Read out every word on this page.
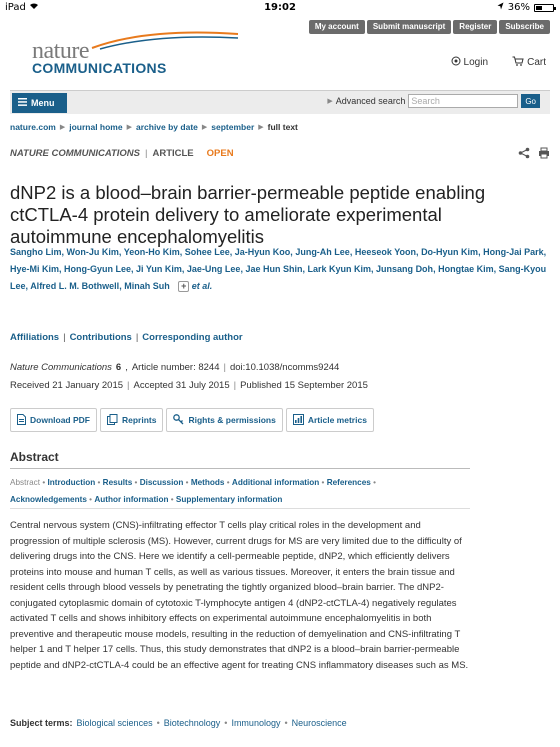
iPad	19:02	36%
My account	Submit manuscript	Register	Subscribe
nature
COMMUNICATIONS	Login	Cart
Menu	▶ Advanced search
Search	Go
nature.com ▶ journal home ▶ archive by date ▶ september ▶ full text
NATURE COMMUNICATIONS | ARTICLE OPEN
dNP2 is a blood–brain barrier-permeable peptide enabling ctCTLA-4 protein delivery to ameliorate experimental autoimmune encephalomyelitis
Sangho Lim, Won-Ju Kim, Yeon-Ho Kim, Sohee Lee, Ja-Hyun Koo, Jung-Ah Lee, Heeseok Yoon, Do-Hyun Kim, Hong-Jai Park, Hye-Mi Kim, Hong-Gyun Lee, Ji Yun Kim, Jae-Ung Lee, Jae Hun Shin, Lark Kyun Kim, Junsang Doh, Hongtae Kim, Sang-Kyou Lee, Alfred L. M. Bothwell, Minah Suh + et al.
Affiliations | Contributions | Corresponding author
Nature Communications 6 , Article number: 8244 | doi:10.1038/ncomms9244
Received 21 January 2015 | Accepted 31 July 2015 | Published 15 September 2015
Download PDF	Reprints	Rights & permissions	Article metrics
Abstract
Abstract • Introduction • Results • Discussion • Methods • Additional information • References •
Acknowledgements • Author information • Supplementary information

Central nervous system (CNS)-infiltrating effector T cells play critical roles in the development and progression of multiple sclerosis (MS). However, current drugs for MS are very limited due to the difficulty of delivering drugs into the CNS. Here we identify a cell-permeable peptide, dNP2, which efficiently delivers proteins into mouse and human T cells, as well as various tissues. Moreover, it enters the brain tissue and resident cells through blood vessels by penetrating the tightly organized blood–brain barrier. The dNP2-conjugated cytoplasmic domain of cytotoxic T-lymphocyte antigen 4 (dNP2-ctCTLA-4) negatively regulates activated T cells and shows inhibitory effects on experimental autoimmune encephalomyelitis in both preventive and therapeutic mouse models, resulting in the reduction of demyelination and CNS-infiltrating T helper 1 and T helper 17 cells. Thus, this study demonstrates that dNP2 is a blood–brain barrier-permeable peptide and dNP2-ctCTLA-4 could be an effective agent for treating CNS inflammatory diseases such as MS.

Subject terms: Biological sciences • Biotechnology • Immunology • Neuroscience
